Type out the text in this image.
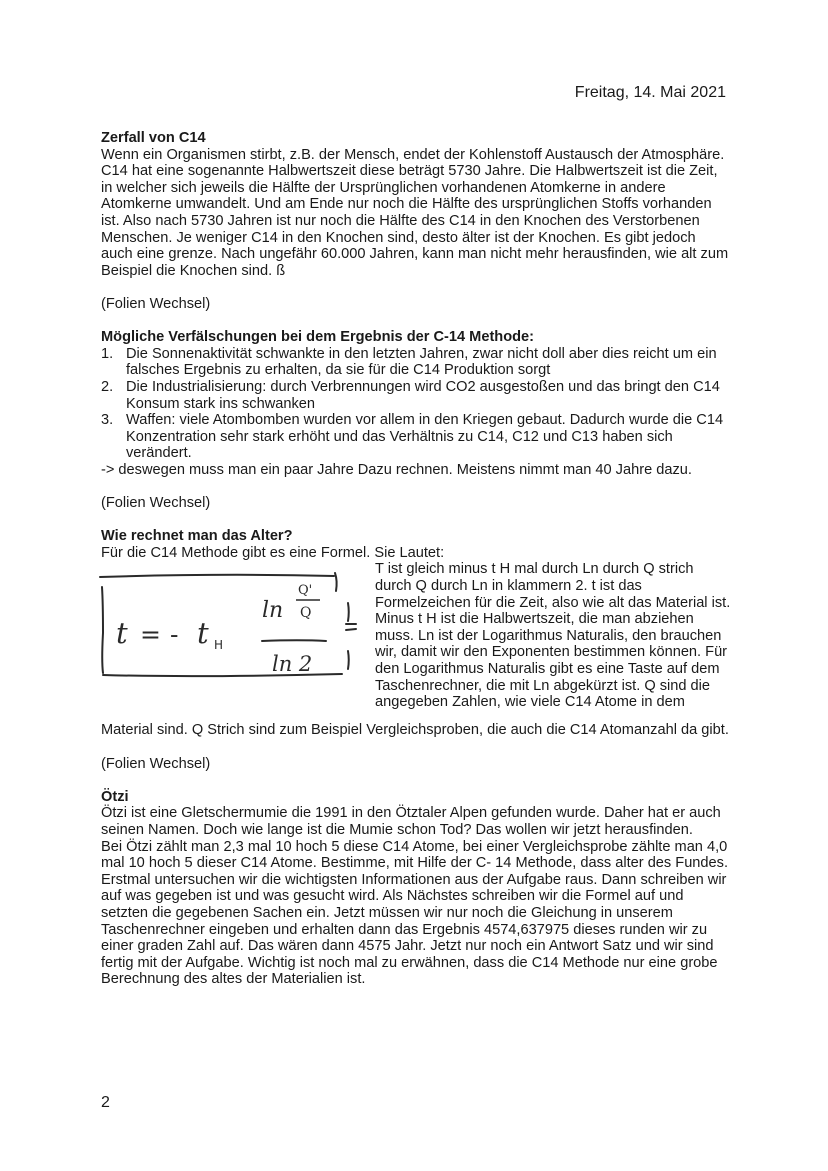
Freitag, 14. Mai 2021

Zerfall von C14

Wenn ein Organismen stirbt, z.B. der Mensch, endet der Kohlenstoff Austausch der Atmosphäre. C14 hat eine sogenannte Halbwertszeit diese beträgt 5730 Jahre. Die Halbwertszeit ist die Zeit, in welcher sich jeweils die Hälfte der Ursprünglichen vorhandenen Atomkerne in andere Atomkerne umwandelt. Und am Ende nur noch die Hälfte des ursprünglichen Stoffs vorhanden ist. Also nach 5730 Jahren ist nur noch die Hälfte des C14 in den Knochen des Verstorbenen Menschen. Je weniger C14 in den Knochen sind, desto älter ist der Knochen. Es gibt jedoch auch eine grenze. Nach ungefähr 60.000 Jahren, kann man nicht mehr herausfinden, wie alt zum Beispiel die Knochen sind. ß

(Folien Wechsel)

Mögliche Verfälschungen bei dem Ergebnis der C-14 Methode:

1. Die Sonnenaktivität schwankte in den letzten Jahren, zwar nicht doll aber dies reicht um ein falsches Ergebnis zu erhalten, da sie für die C14 Produktion sorgt
2. Die Industrialisierung: durch Verbrennungen wird CO2 ausgestoßen und das bringt den C14 Konsum stark ins schwanken
3. Waffen: viele Atombomben wurden vor allem in den Kriegen gebaut. Dadurch wurde die C14 Konzentration sehr stark erhöht und das Verhältnis zu C14, C12 und C13 haben sich verändert.

-> deswegen muss man ein paar Jahre Dazu rechnen. Meistens nimmt man 40 Jahre dazu.

(Folien Wechsel)

Wie rechnet man das Alter?

Für die C14 Methode gibt es eine Formel. Sie Lautet:

t = - t H
ln
Q'
Q
ln 2

T ist gleich minus t H mal durch Ln durch Q strich durch Q durch Ln in klammern 2. t ist das Formelzeichen für die Zeit, also wie alt das Material ist. Minus t H ist die Halbwertszeit, die man abziehen muss. Ln ist der Logarithmus Naturalis, den brauchen wir, damit wir den Exponenten bestimmen können. Für den Logarithmus Naturalis gibt es eine Taste auf dem Taschenrechner, die mit Ln abgekürzt ist. Q sind die angegeben Zahlen, wie viele C14 Atome in dem

Material sind. Q Strich sind zum Beispiel Vergleichsproben, die auch die C14 Atomanzahl da gibt.

(Folien Wechsel)

Ötzi

Ötzi ist eine Gletschermumie die 1991 in den Ötztaler Alpen gefunden wurde. Daher hat er auch seinen Namen. Doch wie lange ist die Mumie schon Tod? Das wollen wir jetzt herausfinden.

Bei Ötzi zählt man 2,3 mal 10 hoch 5 diese C14 Atome, bei einer Vergleichsprobe zählte man 4,0 mal 10 hoch 5 dieser C14 Atome. Bestimme, mit Hilfe der C- 14 Methode, dass alter des Fundes.

Erstmal untersuchen wir die wichtigsten Informationen aus der Aufgabe raus. Dann schreiben wir auf was gegeben ist und was gesucht wird. Als Nächstes schreiben wir die Formel auf und setzten die gegebenen Sachen ein. Jetzt müssen wir nur noch die Gleichung in unserem Taschenrechner eingeben und erhalten dann das Ergebnis 4574,637975 dieses runden wir zu einer graden Zahl auf. Das wären dann 4575 Jahr. Jetzt nur noch ein Antwort Satz und wir sind fertig mit der Aufgabe. Wichtig ist noch mal zu erwähnen, dass die C14 Methode nur eine grobe Berechnung des altes der Materialien ist.

2
